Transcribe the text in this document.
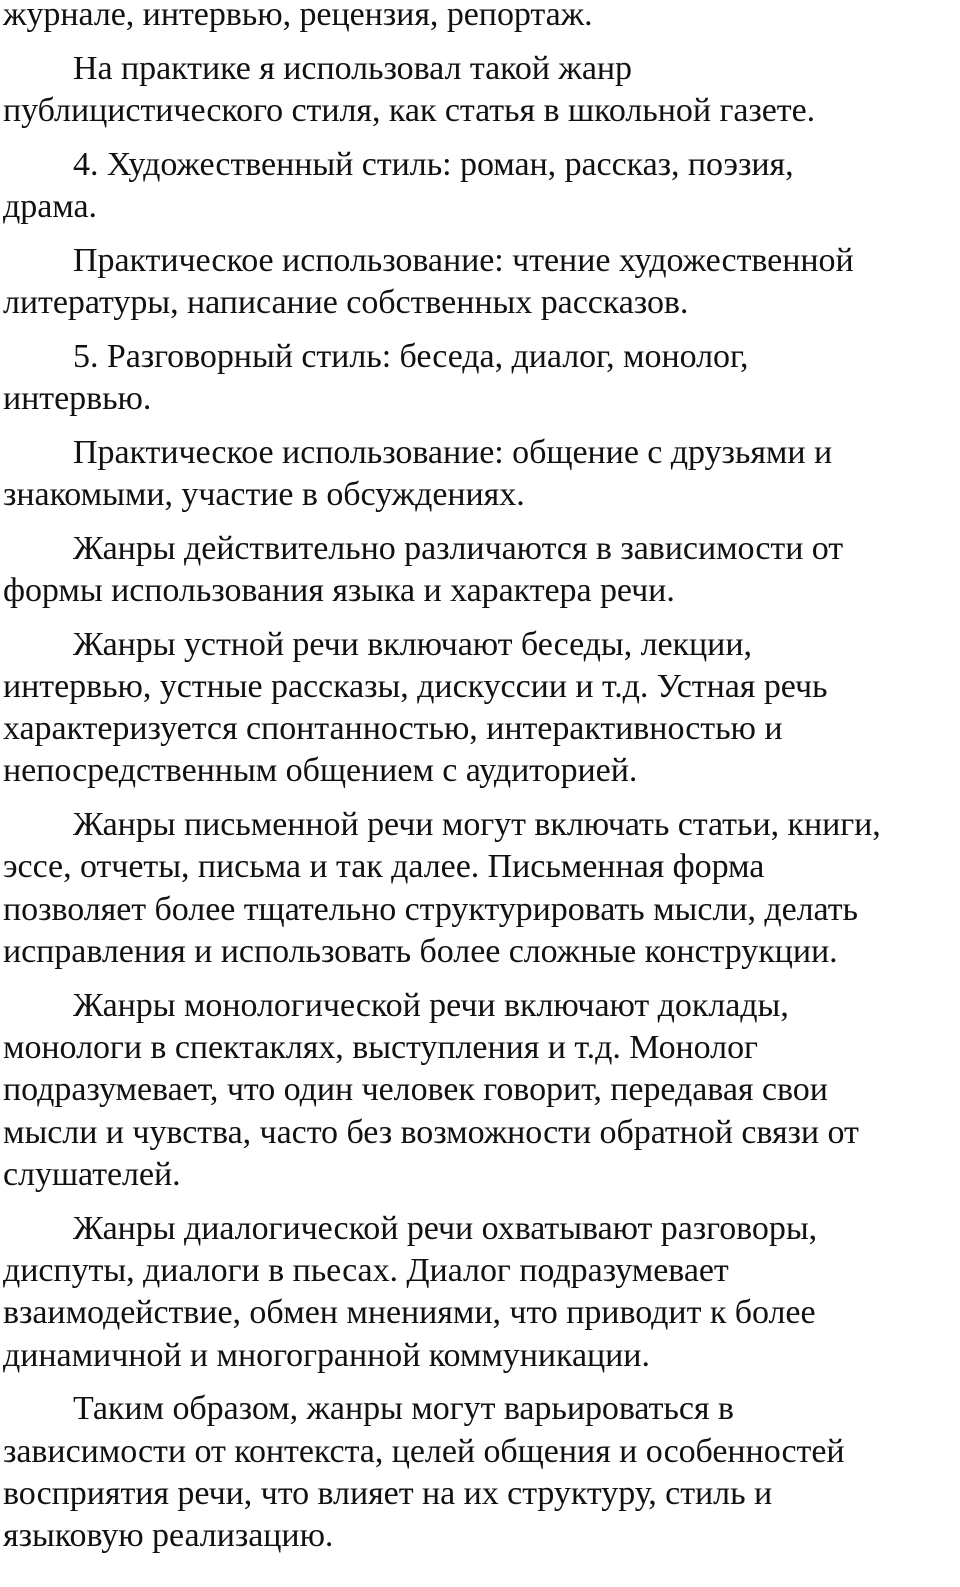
журнале, интервью, рецензия, репортаж.

На практике я использовал такой жанр
публицистического стиля, как статья в школьной газете.

4. Художественный стиль: роман, рассказ, поэзия,
драма.

Практическое использование: чтение художественной
литературы, написание собственных рассказов.

5. Разговорный стиль: беседа, диалог, монолог,
интервью.

Практическое использование: общение с друзьями и
знакомыми, участие в обсуждениях.

Жанры действительно различаются в зависимости от
формы использования языка и характера речи.

Жанры устной речи включают беседы, лекции,
интервью, устные рассказы, дискуссии и т.д. Устная речь
характеризуется спонтанностью, интерактивностью и
непосредственным общением с аудиторией.

Жанры письменной речи могут включать статьи, книги,
эссе, отчеты, письма и так далее. Письменная форма
позволяет более тщательно структурировать мысли, делать
исправления и использовать более сложные конструкции.

Жанры монологической речи включают доклады,
монологи в спектаклях, выступления и т.д. Монолог
подразумевает, что один человек говорит, передавая свои
мысли и чувства, часто без возможности обратной связи от
слушателей.

Жанры диалогической речи охватывают разговоры,
диспуты, диалоги в пьесах. Диалог подразумевает
взаимодействие, обмен мнениями, что приводит к более
динамичной и многогранной коммуникации.

Таким образом, жанры могут варьироваться в
зависимости от контекста, целей общения и особенностей
восприятия речи, что влияет на их структуру, стиль и
языковую реализацию.
